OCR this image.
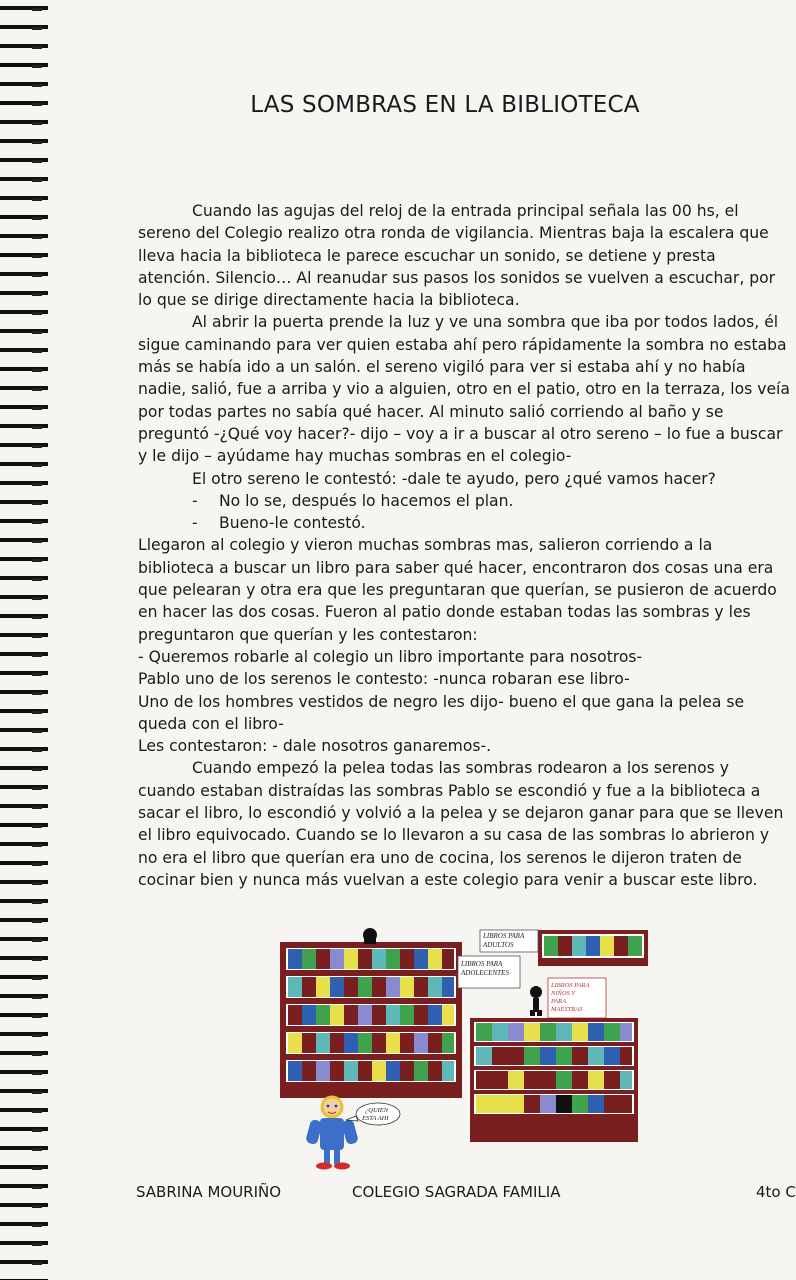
LAS SOMBRAS EN LA BIBLIOTECA

Cuando las agujas del reloj de la entrada principal señala las 00 hs, el sereno del Colegio realizo otra ronda de vigilancia. Mientras baja la escalera que lleva hacia la biblioteca le parece escuchar un sonido, se detiene y presta atención. Silencio… Al reanudar sus pasos los sonidos se vuelven a escuchar, por lo que se dirige directamente hacia la biblioteca.

Al abrir la puerta prende la luz y ve una sombra que iba por todos lados, él sigue caminando para ver quien estaba ahí pero rápidamente la sombra no estaba más se había ido a un salón. el sereno vigiló para ver si estaba ahí y no había nadie, salió, fue a arriba y vio a alguien, otro en el patio, otro en la terraza, los veía por todas partes no sabía qué hacer. Al minuto salió corriendo al baño y se preguntó -¿Qué voy hacer?- dijo – voy a ir a buscar al otro sereno – lo fue a buscar y le dijo – ayúdame hay muchas sombras en el colegio-

El otro sereno le contestó: -dale te ayudo, pero ¿qué vamos hacer?

-	No lo se, después lo hacemos el plan.
-	Bueno-le contestó.

Llegaron al colegio y vieron muchas sombras mas, salieron corriendo a la biblioteca a buscar un libro para saber qué hacer, encontraron dos cosas una era que pelearan y otra era que les preguntaran que querían, se pusieron de acuerdo en hacer las dos cosas. Fueron al patio donde estaban todas las sombras y les preguntaron que querían y les contestaron:

- Queremos robarle al colegio un libro importante para nosotros-

Pablo uno de los serenos le contesto: -nunca robaran ese libro-

Uno de los hombres vestidos de negro les dijo- bueno el que gana la pelea se queda con el libro-

Les contestaron: - dale nosotros ganaremos-.

Cuando empezó la pelea todas las sombras rodearon a los serenos y cuando estaban distraídas las sombras Pablo se escondió y fue a la biblioteca a sacar el libro, lo escondió y volvió a la pelea y se dejaron ganar para que se lleven el libro equivocado. Cuando se lo llevaron a su casa de las sombras lo abrieron y no era el libro que querían era uno de cocina, los serenos le dijeron traten de cocinar bien y nunca más vuelvan a este colegio para venir a buscar este libro.

LIBROS PARA
ADULTOS
LIBROS PARA
ADOLECENTES
LIBROS PARA
NIÑOS Y
PARA
MAESTRAS
¿QUIEN
ESTA AHI
SABRINA MOURIÑO	COLEGIO SAGRADA FAMILIA	4to C
